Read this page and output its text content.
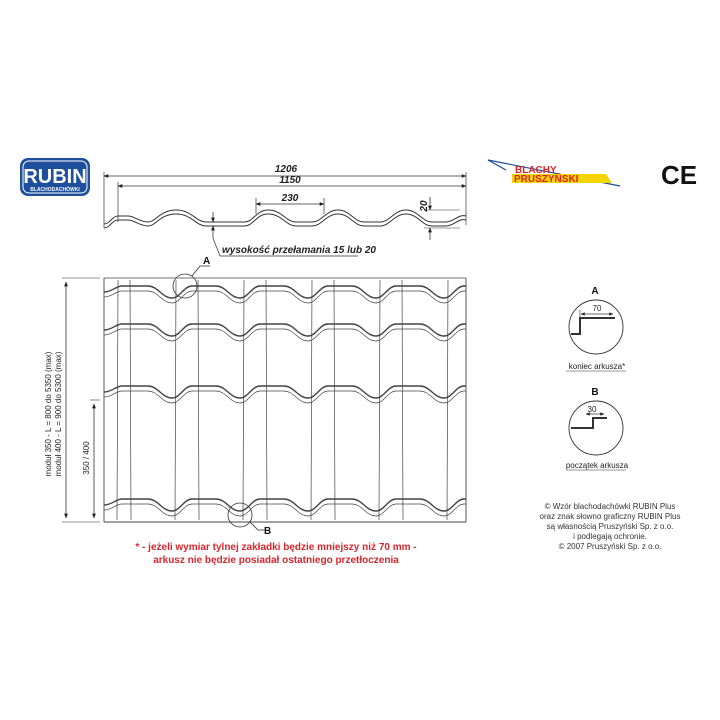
RUBIN
BLACHODACHÓWKI
BLACHY
PRUSZYŃSKI	CE
1206
1150
230
20
wysokość przełamania 15 lub 20
A
B
moduł 350 - L = 800 do 5350 (max) moduł 400 - L = 900 do 5300 (max) 350 / 400
A
70
koniec arkusza*
B
30
początek arkusza
* - jeżeli wymiar tylnej zakładki będzie mniejszy niż 70 mm -
arkusz nie będzie posiadał ostatniego przetłoczenia
© Wzór blachodachówki RUBIN Plus
oraz znak słowno graficzny RUBIN Plus
są własnością Pruszyński Sp. z o.o.
i podlegają ochronie.
© 2007 Pruszyński Sp. z o.o.
